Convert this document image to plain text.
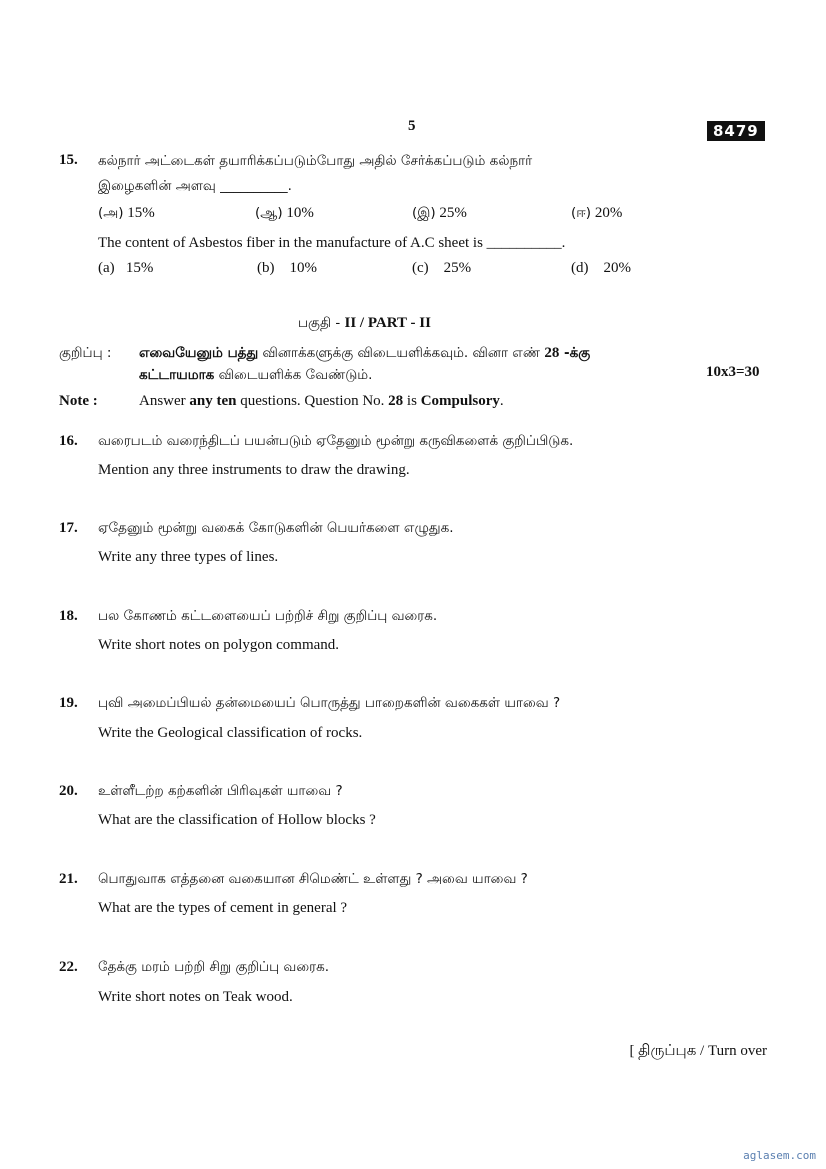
5	8479
15. கல்நார் அட்டைகள் தயாரிக்கப்படும்போது அதில் சேர்க்கப்படும் கல்நார்
இழைகளின் அளவு __________.
(அ) 15%	(ஆ) 10%	(இ) 25%	(ஈ) 20%
The content of Asbestos fiber in the manufacture of A.C sheet is __________.
(a) 15%	(b) 10%	(c) 25%	(d) 20%
பகுதி - II / PART - II
குறிப்பு : எவையேனும் பத்து வினாக்களுக்கு விடையளிக்கவும். வினா எண் 28 -க்கு
கட்டாயமாக விடையளிக்க வேண்டும்.	10x3=30
Note :	Answer any ten questions. Question No. 28 is Compulsory.
16. வரைபடம் வரைந்திடப் பயன்படும் ஏதேனும் மூன்று கருவிகளைக் குறிப்பிடுக.
Mention any three instruments to draw the drawing.
17. ஏதேனும் மூன்று வகைக் கோடுகளின் பெயர்களை எழுதுக.
Write any three types of lines.
18. பல கோணம் கட்டளையைப் பற்றிச் சிறு குறிப்பு வரைக.
Write short notes on polygon command.
19. புவி அமைப்பியல் தன்மையைப் பொருத்து பாறைகளின் வகைகள் யாவை ?
Write the Geological classification of rocks.
20. உள்ளீடற்ற கற்களின் பிரிவுகள் யாவை ?
What are the classification of Hollow blocks ?
21. பொதுவாக எத்தனை வகையான சிமெண்ட் உள்ளது ? அவை யாவை ?
What are the types of cement in general ?
22. தேக்கு மரம் பற்றி சிறு குறிப்பு வரைக.
Write short notes on Teak wood.
[ திருப்புக / Turn over
aglasem.com
